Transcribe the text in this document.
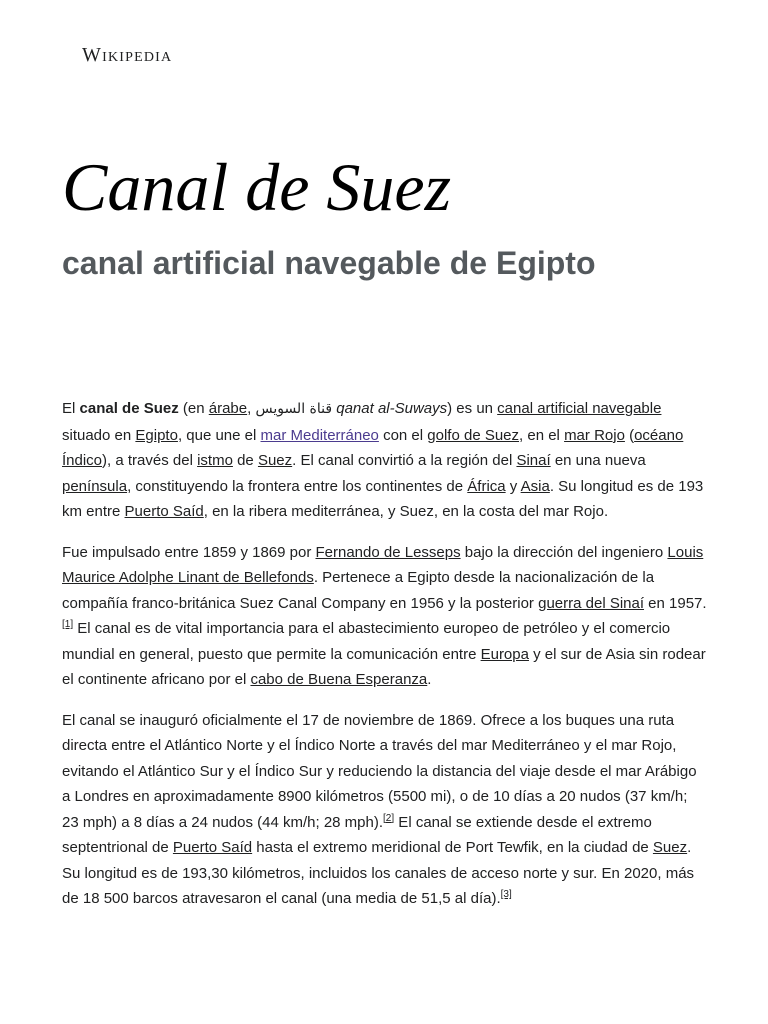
Wikipedia
Canal de Suez
canal artificial navegable de Egipto

El canal de Suez (en árabe, قناة السويس qanat al-Suways) es un canal artificial navegable situado en Egipto, que une el mar Mediterráneo con el golfo de Suez, en el mar Rojo (océano Índico), a través del istmo de Suez. El canal convirtió a la región del Sinaí en una nueva península, constituyendo la frontera entre los continentes de África y Asia. Su longitud es de 193 km entre Puerto Saíd, en la ribera mediterránea, y Suez, en la costa del mar Rojo.

Fue impulsado entre 1859 y 1869 por Fernando de Lesseps bajo la dirección del ingeniero Louis Maurice Adolphe Linant de Bellefonds. Pertenece a Egipto desde la nacionalización de la compañía franco-británica Suez Canal Company en 1956 y la posterior guerra del Sinaí en 1957.[1] El canal es de vital importancia para el abastecimiento europeo de petróleo y el comercio mundial en general, puesto que permite la comunicación entre Europa y el sur de Asia sin rodear el continente africano por el cabo de Buena Esperanza.

El canal se inauguró oficialmente el 17 de noviembre de 1869. Ofrece a los buques una ruta directa entre el Atlántico Norte y el Índico Norte a través del mar Mediterráneo y el mar Rojo, evitando el Atlántico Sur y el Índico Sur y reduciendo la distancia del viaje desde el mar Arábigo a Londres en aproximadamente 8900 kilómetros (5500 mi), o de 10 días a 20 nudos (37 km/h; 23 mph) a 8 días a 24 nudos (44 km/h; 28 mph).[2] El canal se extiende desde el extremo septentrional de Puerto Saíd hasta el extremo meridional de Port Tewfik, en la ciudad de Suez. Su longitud es de 193,30 kilómetros, incluidos los canales de acceso norte y sur. En 2020, más de 18 500 barcos atravesaron el canal (una media de 51,5 al día).[3]
